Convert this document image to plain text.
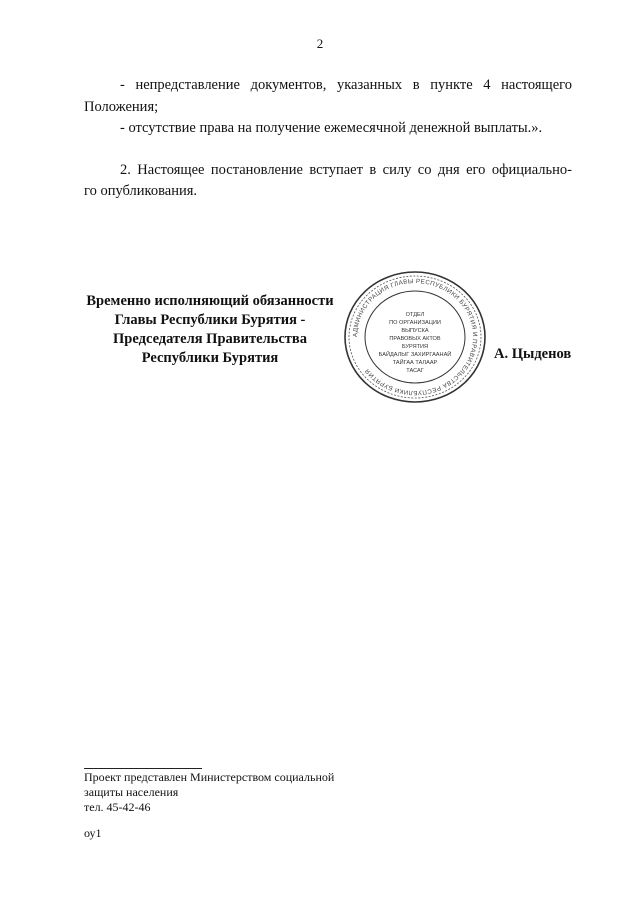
2

- непредставление документов, указанных в пункте 4 настоящего

Положения;

- отсутствие права на получение ежемесячной денежной выплаты.».

2. Настоящее постановление вступает в силу со дня его официально-

го опубликования.

Временно исполняющий обязанности
Главы Республики Бурятия -
Председателя Правительства
Республики Бурятия
АДМИНИСТРАЦИЯ ГЛАВЫ РЕСПУБЛИКИ БУРЯТИЯ И ПРАВИТЕЛЬСТВА РЕСПУБЛИКИ БУРЯТИЯ
ОТДЕЛ
ПО ОРГАНИЗАЦИИ
ВЫПУСКА
ПРАВОВЫХ АКТОВ
БУРЯТИЯ
БАЙДАЛЫГ ЗАХИРГААНАЙ
ТАЙГАА ТАЛААР
ТАСАГ
А. Цыденов
Проект представлен Министерством социальной
защиты населения
тел. 45-42-46
оу1
